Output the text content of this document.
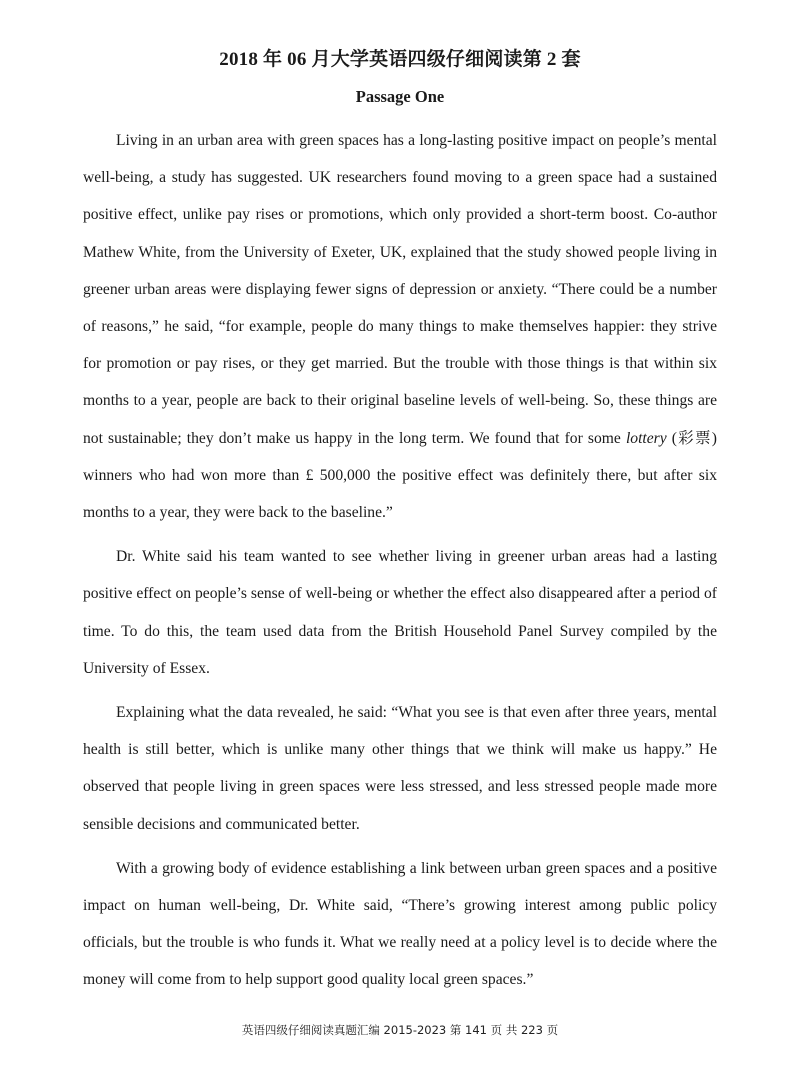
2018 年 06 月大学英语四级仔细阅读第 2 套
Passage One

Living in an urban area with green spaces has a long-lasting positive impact on people’s mental well-being, a study has suggested. UK researchers found moving to a green space had a sustained positive effect, unlike pay rises or promotions, which only provided a short-term boost. Co-author Mathew White, from the University of Exeter, UK, explained that the study showed people living in greener urban areas were displaying fewer signs of depression or anxiety. “There could be a number of reasons,” he said, “for example, people do many things to make themselves happier: they strive for promotion or pay rises, or they get married. But the trouble with those things is that within six months to a year, people are back to their original baseline levels of well-being. So, these things are not sustainable; they don’t make us happy in the long term. We found that for some lottery (彩票) winners who had won more than £ 500,000 the positive effect was definitely there, but after six months to a year, they were back to the baseline.”

Dr. White said his team wanted to see whether living in greener urban areas had a lasting positive effect on people’s sense of well-being or whether the effect also disappeared after a period of time. To do this, the team used data from the British Household Panel Survey compiled by the University of Essex.

Explaining what the data revealed, he said: “What you see is that even after three years, mental health is still better, which is unlike many other things that we think will make us happy.” He observed that people living in green spaces were less stressed, and less stressed people made more sensible decisions and communicated better.

With a growing body of evidence establishing a link between urban green spaces and a positive impact on human well-being, Dr. White said, “There’s growing interest among public policy officials, but the trouble is who funds it. What we really need at a policy level is to decide where the money will come from to help support good quality local green spaces.”

英语四级仔细阅读真题汇编 2015-2023 第 141 页 共 223 页
